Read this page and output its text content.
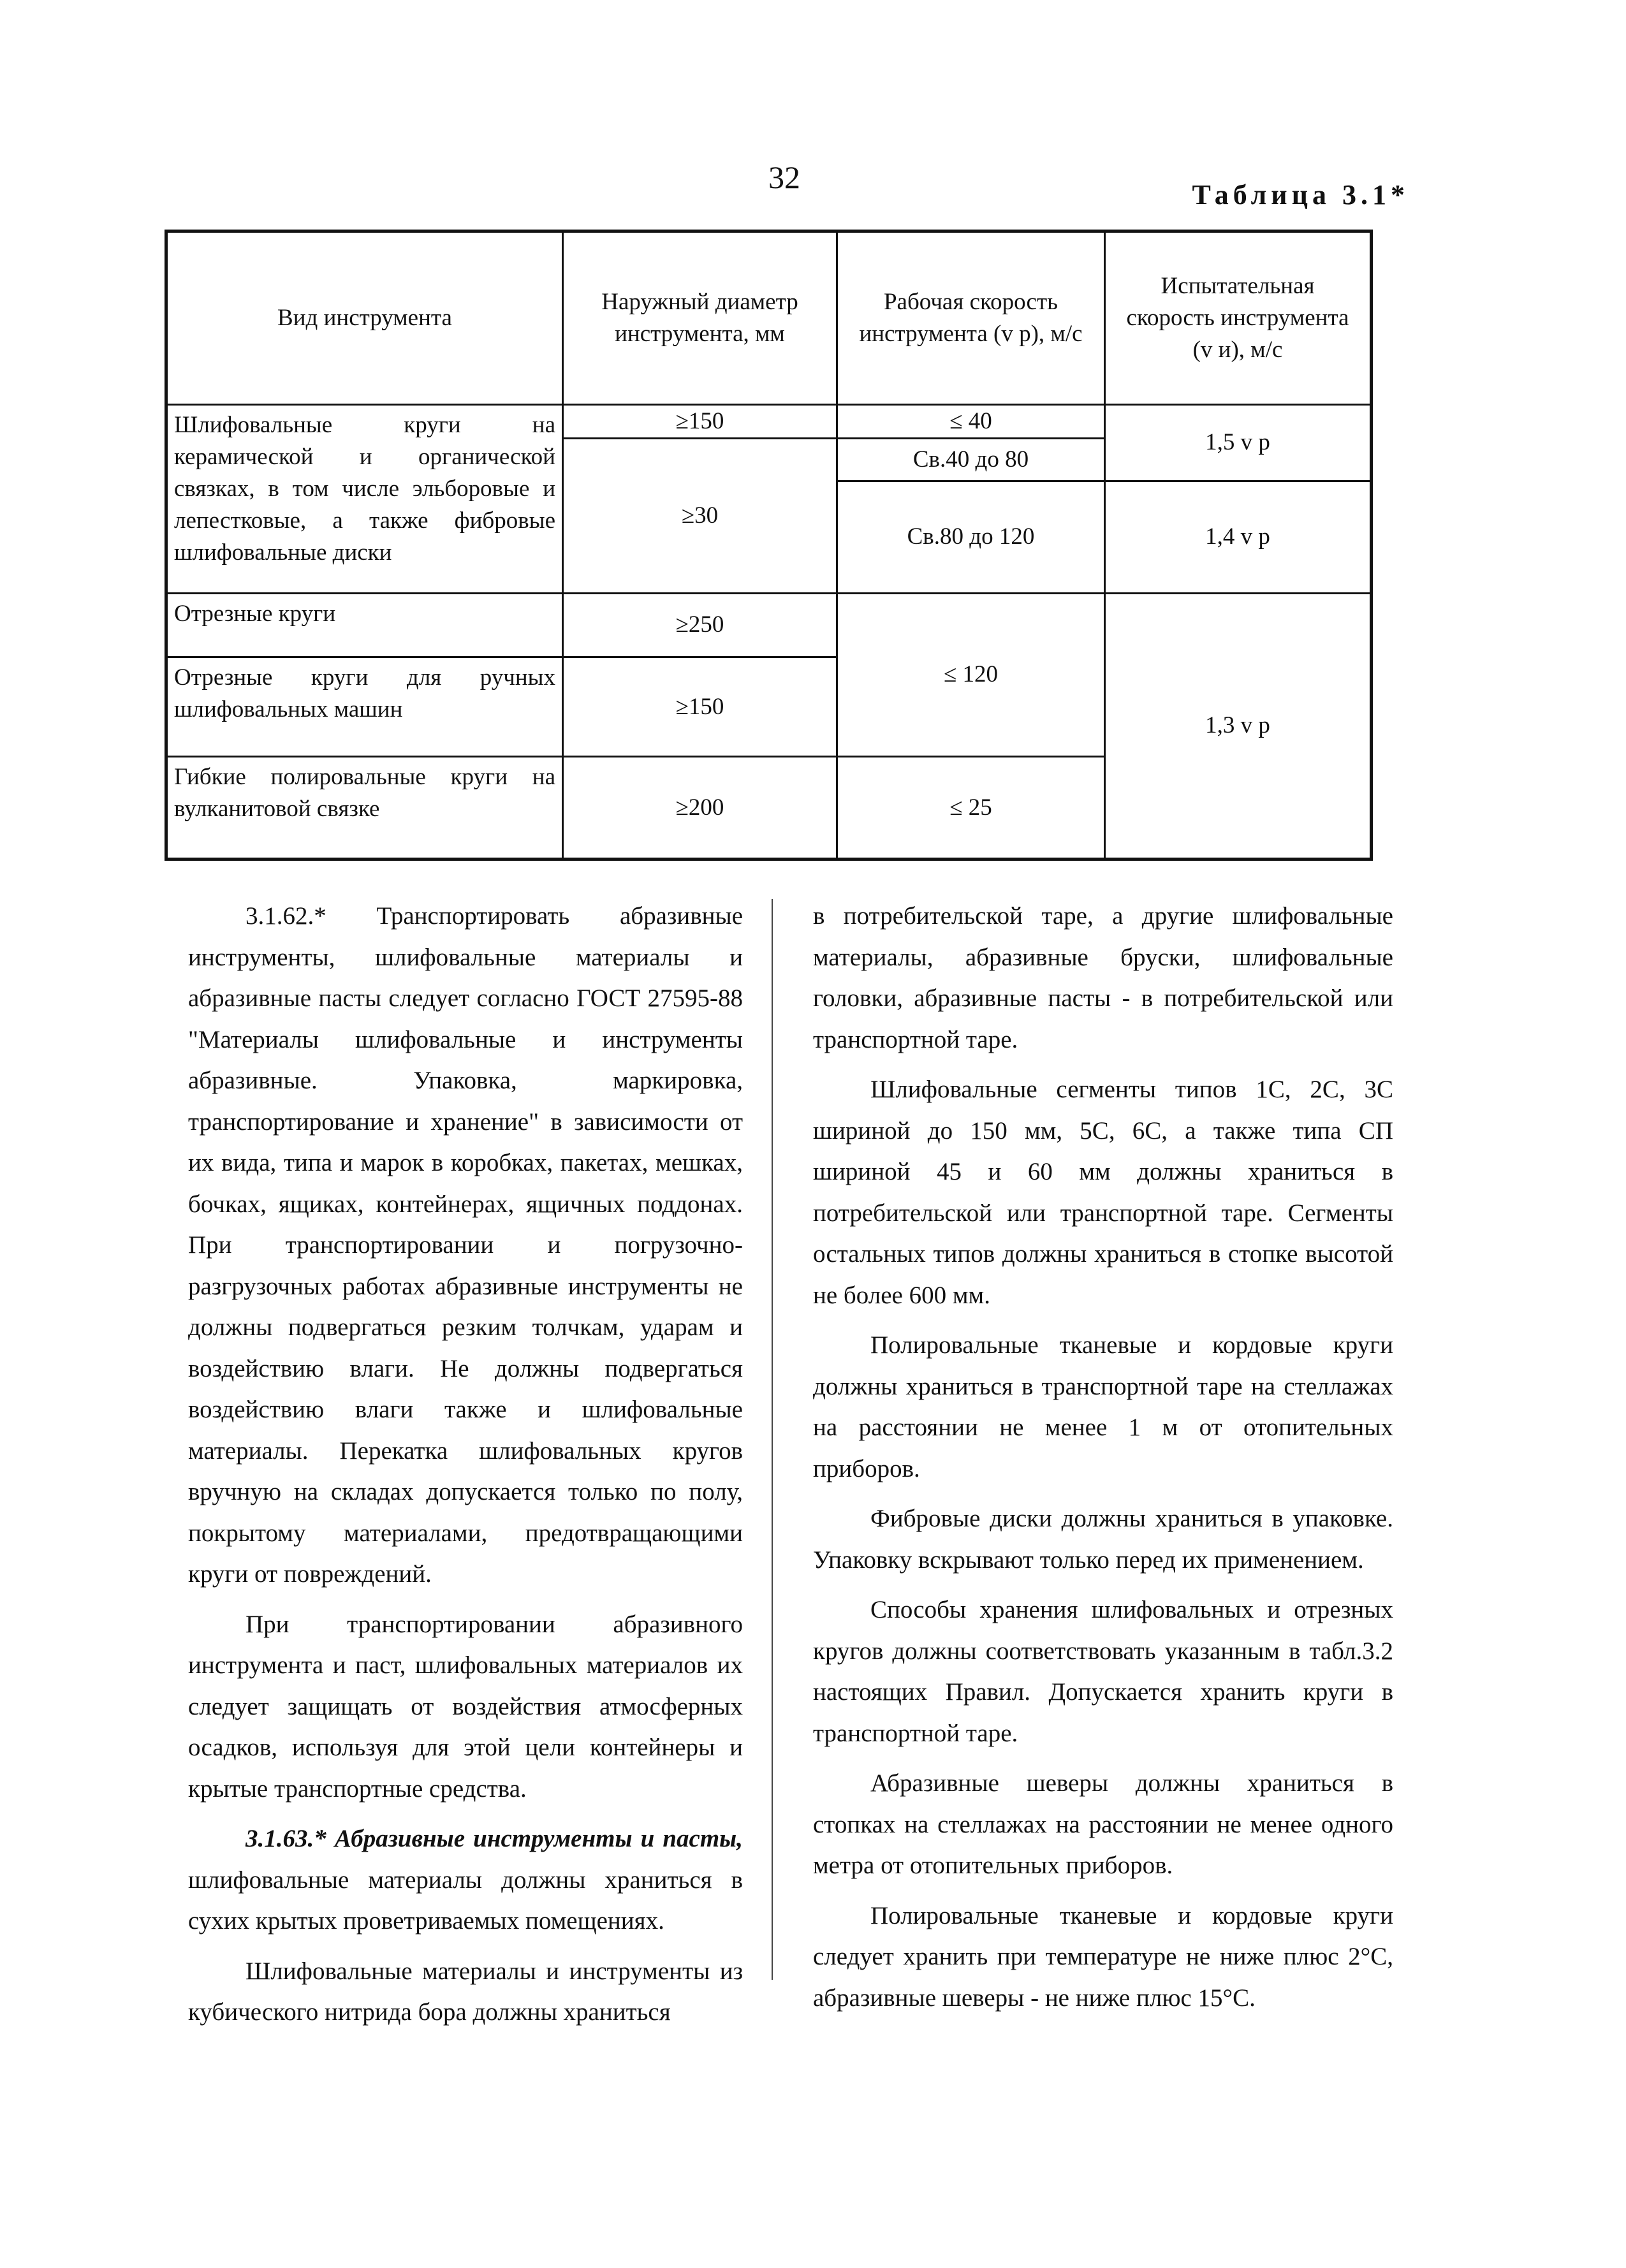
32	Таблица 3.1*
Вид инструмента	Наружный диаметр инструмента, мм	Рабочая скорость инструмента (v р), м/с	Испытательная скорость инструмента (v и), м/с
Шлифовальные круги на керамической и органической связках, в том числе эльборовые и лепестковые, а также фибровые шлифовальные диски	≥150	≤ 40	1,5 v р
	≥30	Св.40 до 80	
		Св.80 до 120	1,4 v р
Отрезные круги	≥250	≤ 120	1,3 v р
Отрезные круги для ручных шлифовальных машин	≥150		
Гибкие полировальные круги на вулканитовой связке	≥200	≤ 25	

3.1.62.* Транспортировать абразивные инструменты, шлифовальные материалы и абразивные пасты следует согласно ГОСТ 27595-88 "Материалы шлифовальные и инструменты абразивные. Упаковка, маркировка, транспортирование и хранение" в зависимости от их вида, типа и марок в коробках, пакетах, мешках, бочках, ящиках, контейнерах, ящичных поддонах. При транспортировании и погрузочно-разгрузочных работах абразивные инструменты не должны подвергаться резким толчкам, ударам и воздействию влаги. Не должны подвергаться воздействию влаги также и шлифовальные материалы. Перекатка шлифовальных кругов вручную на складах допускается только по полу, покрытому материалами, предотвращающими круги от повреждений.

При транспортировании абразивного инструмента и паст, шлифовальных материалов их следует защищать от воздействия атмосферных осадков, используя для этой цели контейнеры и крытые транспортные средства.

3.1.63.* Абразивные инструменты и пасты, шлифовальные материалы должны храниться в сухих крытых проветриваемых помещениях.

Шлифовальные материалы и инструменты из кубического нитрида бора должны храниться

в потребительской таре, а другие шлифовальные материалы, абразивные бруски, шлифовальные головки, абразивные пасты - в потребительской или транспортной таре.

Шлифовальные сегменты типов 1С, 2С, 3С шириной до 150 мм, 5С, 6С, а также типа СП шириной 45 и 60 мм должны храниться в потребительской или транспортной таре. Сегменты остальных типов должны храниться в стопке высотой не более 600 мм.

Полировальные тканевые и кордовые круги должны храниться в транспортной таре на стеллажах на расстоянии не менее 1 м от отопительных приборов.

Фибровые диски должны храниться в упаковке. Упаковку вскрывают только перед их применением.

Способы хранения шлифовальных и отрезных кругов должны соответствовать указанным в табл.3.2 настоящих Правил. Допускается хранить круги в транспортной таре.

Абразивные шеверы должны храниться в стопках на стеллажах на расстоянии не менее одного метра от отопительных приборов.

Полировальные тканевые и кордовые круги следует хранить при температуре не ниже плюс 2°С, абразивные шеверы - не ниже плюс 15°С.
